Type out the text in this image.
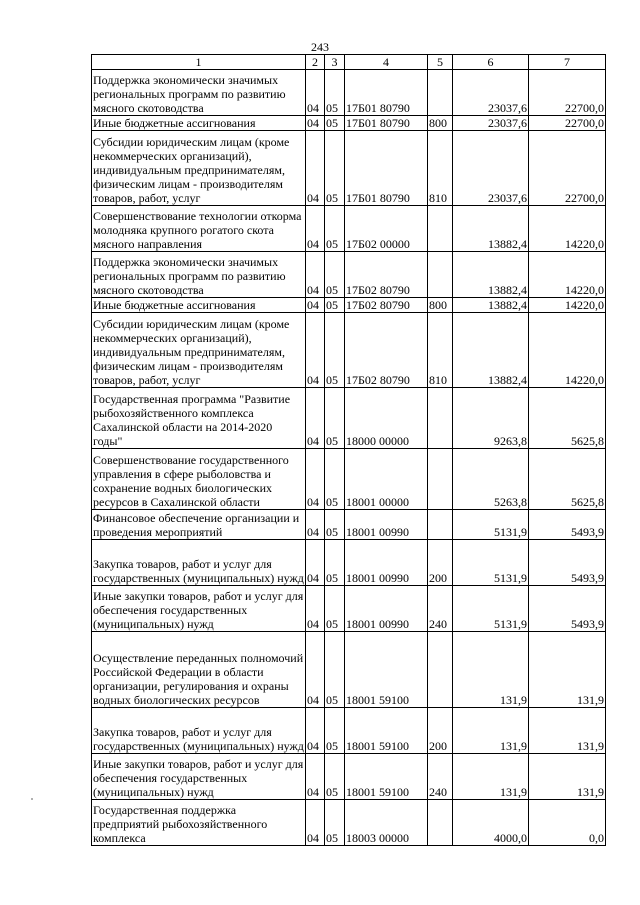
243
1	2	3	4	5	6	7
Поддержка экономически значимых региональных программ по развитию мясного скотоводства	04	05	17Б01 80790		23037,6	22700,0
Иные бюджетные ассигнования	04	05	17Б01 80790	800	23037,6	22700,0
Субсидии юридическим лицам (кроме некоммерческих организаций), индивидуальным предпринимателям, физическим лицам - производителям товаров, работ, услуг	04	05	17Б01 80790	810	23037,6	22700,0
Совершенствование технологии откорма молодняка крупного рогатого скота мясного направления	04	05	17Б02 00000		13882,4	14220,0
Поддержка экономически значимых региональных программ по развитию мясного скотоводства	04	05	17Б02 80790		13882,4	14220,0
Иные бюджетные ассигнования	04	05	17Б02 80790	800	13882,4	14220,0
Субсидии юридическим лицам (кроме некоммерческих организаций), индивидуальным предпринимателям, физическим лицам - производителям товаров, работ, услуг	04	05	17Б02 80790	810	13882,4	14220,0
Государственная программа "Развитие рыбохозяйственного комплекса Сахалинской области на 2014-2020 годы"	04	05	18000 00000		9263,8	5625,8
Совершенствование государственного управления в сфере рыболовства и сохранение водных биологических ресурсов в Сахалинской области	04	05	18001 00000		5263,8	5625,8
Финансовое обеспечение организации и проведения мероприятий	04	05	18001 00990		5131,9	5493,9
Закупка товаров, работ и услуг для государственных (муниципальных) нужд	04	05	18001 00990	200	5131,9	5493,9
Иные закупки товаров, работ и услуг для обеспечения государственных (муниципальных) нужд	04	05	18001 00990	240	5131,9	5493,9
Осуществление переданных полномочий Российской Федерации в области организации, регулирования и охраны водных биологических ресурсов	04	05	18001 59100		131,9	131,9
Закупка товаров, работ и услуг для государственных (муниципальных) нужд	04	05	18001 59100	200	131,9	131,9
Иные закупки товаров, работ и услуг для обеспечения государственных (муниципальных) нужд	04	05	18001 59100	240	131,9	131,9
Государственная поддержка предприятий рыбохозяйственного комплекса	04	05	18003 00000		4000,0	0,0
